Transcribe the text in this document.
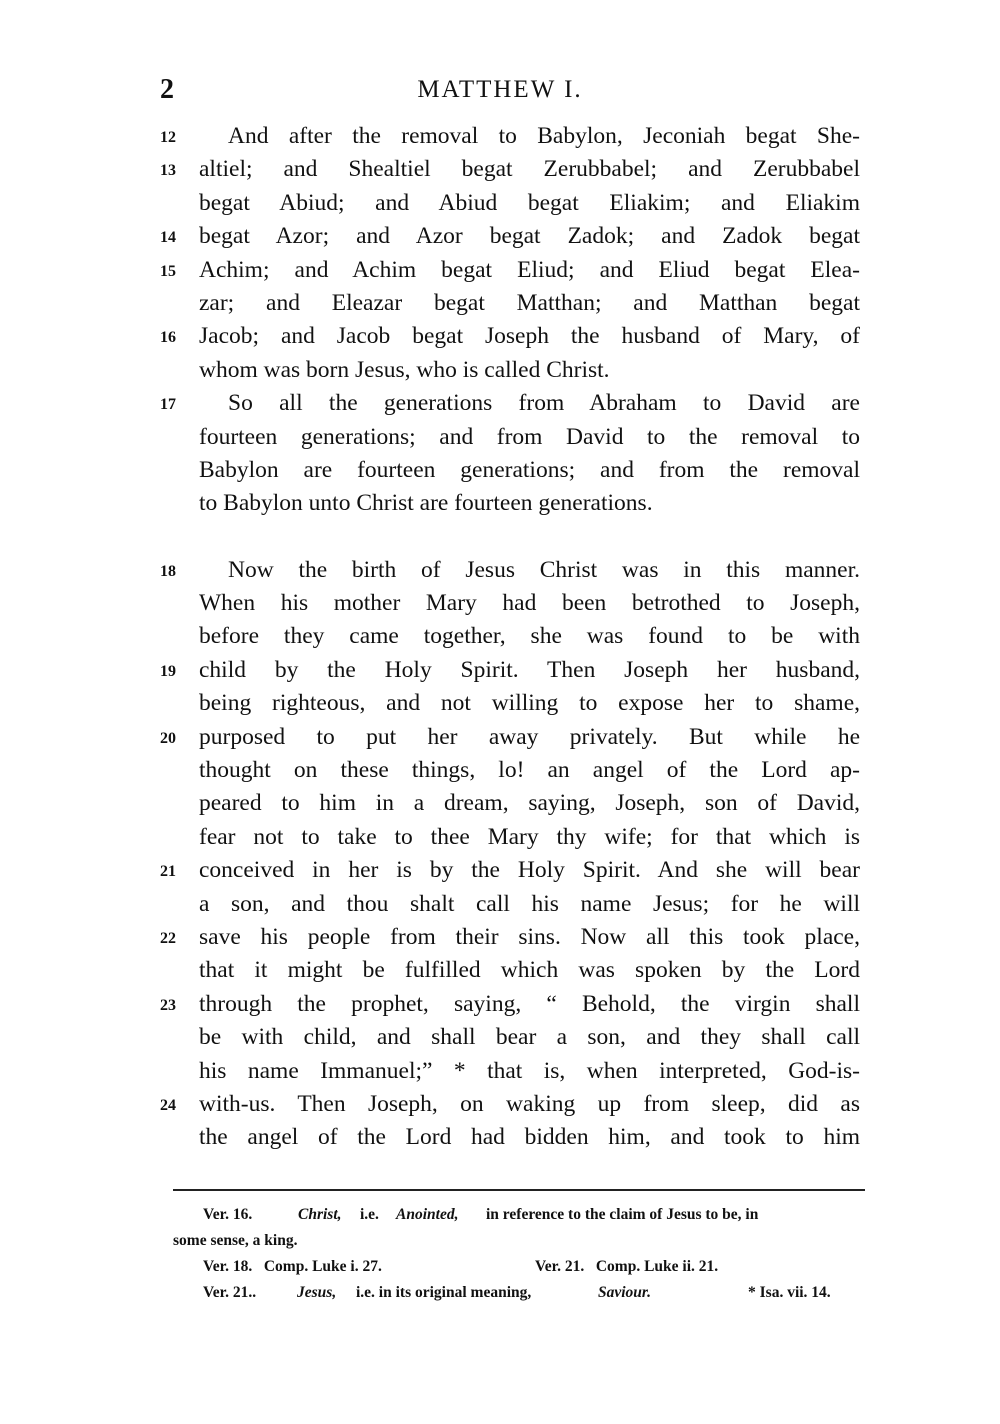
2	MATTHEW I.
12 And after the removal to Babylon, Jeconiah begat She-
13 altiel; and Shealtiel begat Zerubbabel; and Zerubbabel
begat Abiud; and Abiud begat Eliakim; and Eliakim
14 begat Azor; and Azor begat Zadok; and Zadok begat
15 Achim; and Achim begat Eliud; and Eliud begat Elea-
zar; and Eleazar begat Matthan; and Matthan begat
16 Jacob; and Jacob begat Joseph the husband of Mary, of
whom was born Jesus, who is called Christ.
17 So all the generations from Abraham to David are
fourteen generations; and from David to the removal to
Babylon are fourteen generations; and from the removal
to Babylon unto Christ are fourteen generations.
18 Now the birth of Jesus Christ was in this manner.
When his mother Mary had been betrothed to Joseph,
before they came together, she was found to be with
19 child by the Holy Spirit. Then Joseph her husband,
being righteous, and not willing to expose her to shame,
20 purposed to put her away privately. But while he
thought on these things, lo! an angel of the Lord ap-
peared to him in a dream, saying, Joseph, son of David,
fear not to take to thee Mary thy wife; for that which is
21 conceived in her is by the Holy Spirit. And she will bear
a son, and thou shalt call his name Jesus; for he will
22 save his people from their sins. Now all this took place,
that it might be fulfilled which was spoken by the Lord
23 through the prophet, saying, “ Behold, the virgin shall
be with child, and shall bear a son, and they shall call
his name Immanuel;” * that is, when interpreted, God-is-
24 with-us. Then Joseph, on waking up from sleep, did as
the angel of the Lord had bidden him, and took to him
Ver. 16.	Christ, i.e. Anointed, in reference to the claim of Jesus to be, in
some sense, a king.
Ver. 18.   Comp. Luke i. 27.	Ver. 21.   Comp. Luke ii. 21.
Ver. 21..	Jesus, i.e. in its original meaning,	Saviour.	* Isa. vii. 14.
